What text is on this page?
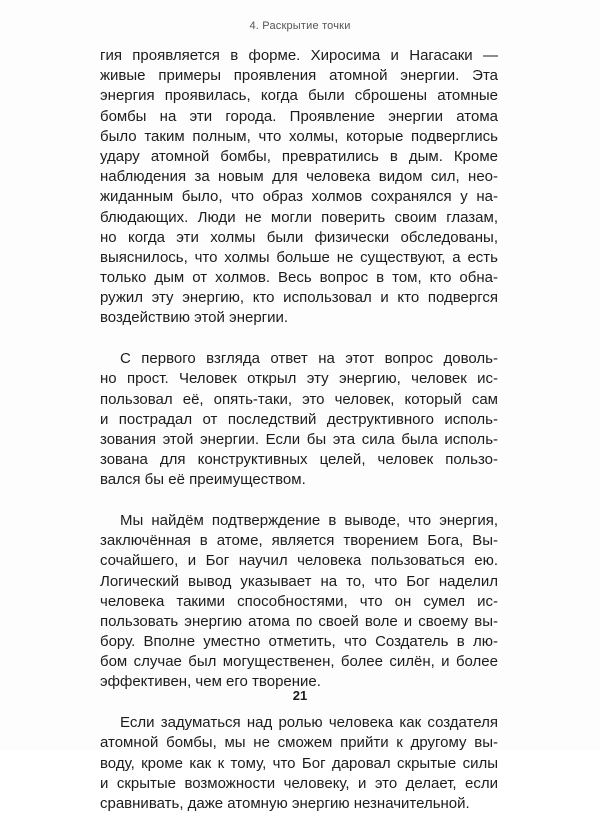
4. Раскрытие точки
гия проявляется в форме. Хиросима и Нагасаки —
живые примеры проявления атомной энергии. Эта
энергия проявилась, когда были сброшены атомные
бомбы на эти города. Проявление энергии атома
было таким полным, что холмы, которые подверглись
удару атомной бомбы, превратились в дым. Кроме
наблюдения за новым для человека видом сил, неo-
жиданным было, что образ холмов сохранялся у на-
блюдающих. Люди не могли поверить своим глазам,
но когда эти холмы были физически обследованы,
выяснилось, что холмы больше не существуют, а есть
только дым от холмов. Весь вопрос в том, кто обна-
ружил эту энергию, кто использовал и кто подвергся
воздействию этой энергии.
С первого взгляда ответ на этот вопрос доволь-
но прост. Человек открыл эту энергию, человек ис-
пользовал её, опять-таки, это человек, который сам
и пострадал от последствий деструктивного исполь-
зования этой энергии. Если бы эта сила была исполь-
зована для конструктивных целей, человек пользо-
вался бы её преимуществом.
Мы найдём подтверждение в выводе, что энергия,
заключённая в атоме, является творением Бога, Вы-
сочайшего, и Бог научил человека пользоваться ею.
Логический вывод указывает на то, что Бог наделил
человека такими способностями, что он сумел ис-
пользовать энергию атома по своей воле и своему вы-
бору. Вполне уместно отметить, что Создатель в лю-
бом случае был могущественен, более силён, и более
эффективен, чем его творение.
Если задуматься над ролью человека как создателя
атомной бомбы, мы не сможем прийти к другому вы-
воду, кроме как к тому, что Бог даровал скрытые силы
и скрытые возможности человеку, и это делает, если
сравнивать, даже атомную энергию незначительной.
21
